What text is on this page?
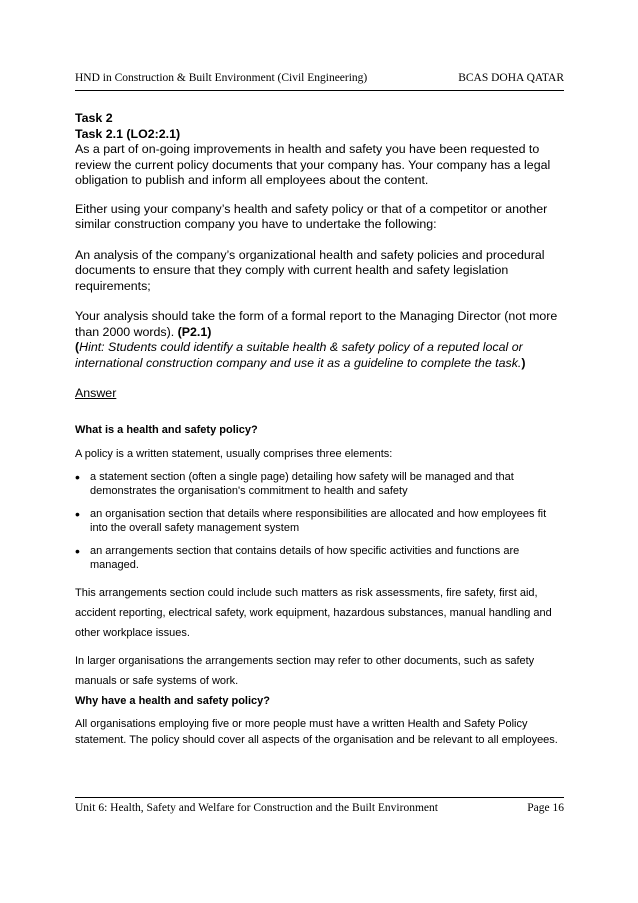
HND in Construction & Built Environment (Civil Engineering)	BCAS DOHA QATAR

Task 2

Task 2.1 (LO2:2.1)

As a part of on-going improvements in health and safety you have been requested to review the current policy documents that your company has. Your company has a legal obligation to publish and inform all employees about the content.

Either using your company’s health and safety policy or that of a competitor or another similar construction company you have to undertake the following:

An analysis of the company’s organizational health and safety policies and procedural documents to ensure that they comply with current health and safety legislation requirements;

Your analysis should take the form of a formal report to the Managing Director (not more than 2000 words). (P2.1)

(Hint: Students could identify a suitable health & safety policy of a reputed local or international construction company and use it as a guideline to complete the task.)

Answer

What is a health and safety policy?

A policy is a written statement, usually comprises three elements:

• a statement section (often a single page) detailing how safety will be managed and that demonstrates the organisation's commitment to health and safety
• an organisation section that details where responsibilities are allocated and how employees fit into the overall safety management system
• an arrangements section that contains details of how specific activities and functions are managed.

This arrangements section could include such matters as risk assessments, fire safety, first aid, accident reporting, electrical safety, work equipment, hazardous substances, manual handling and other workplace issues.

In larger organisations the arrangements section may refer to other documents, such as safety manuals or safe systems of work.

Why have a health and safety policy?

All organisations employing five or more people must have a written Health and Safety Policy statement. The policy should cover all aspects of the organisation and be relevant to all employees.

Unit 6: Health, Safety and Welfare for Construction and the Built Environment	Page 16
